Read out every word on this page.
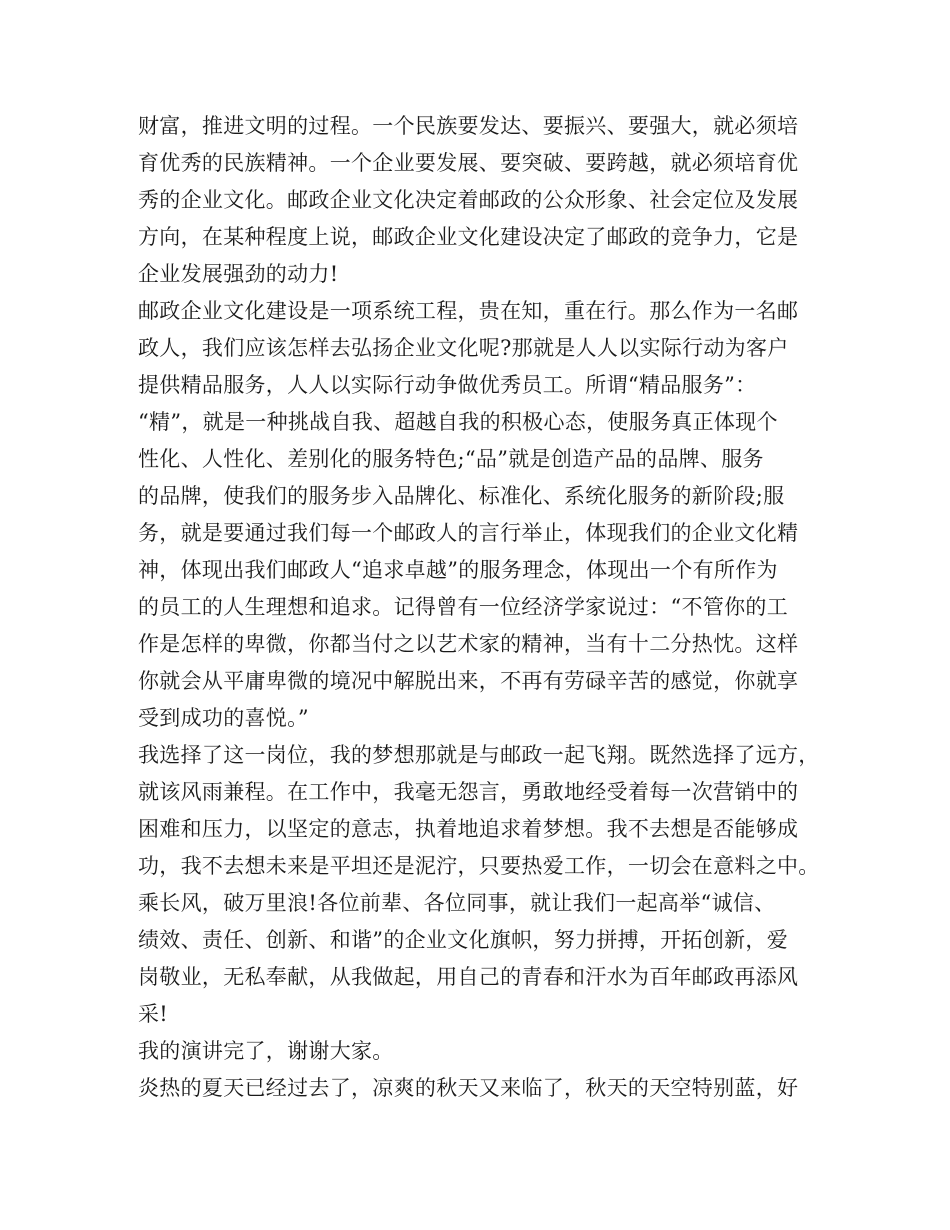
财富，推进文明的过程。一个民族要发达、要振兴、要强大，就必须培
育优秀的民族精神。一个企业要发展、要突破、要跨越，就必须培育优
秀的企业文化。邮政企业文化决定着邮政的公众形象、社会定位及发展
方向，在某种程度上说，邮政企业文化建设决定了邮政的竞争力，它是
企业发展强劲的动力!
邮政企业文化建设是一项系统工程，贵在知，重在行。那么作为一名邮
政人，我们应该怎样去弘扬企业文化呢?那就是人人以实际行动为客户
提供精品服务，人人以实际行动争做优秀员工。所谓“精品服务”：
“精”，就是一种挑战自我、超越自我的积极心态，使服务真正体现个
性化、人性化、差别化的服务特色;“品”就是创造产品的品牌、服务
的品牌，使我们的服务步入品牌化、标准化、系统化服务的新阶段;服
务，就是要通过我们每一个邮政人的言行举止，体现我们的企业文化精
神，体现出我们邮政人“追求卓越”的服务理念，体现出一个有所作为
的员工的人生理想和追求。记得曾有一位经济学家说过：“不管你的工
作是怎样的卑微，你都当付之以艺术家的精神，当有十二分热忱。这样
你就会从平庸卑微的境况中解脱出来，不再有劳碌辛苦的感觉，你就享
受到成功的喜悦。”
我选择了这一岗位，我的梦想那就是与邮政一起飞翔。既然选择了远方，
就该风雨兼程。在工作中，我毫无怨言，勇敢地经受着每一次营销中的
困难和压力，以坚定的意志，执着地追求着梦想。我不去想是否能够成
功，我不去想未来是平坦还是泥泞，只要热爱工作，一切会在意料之中。
乘长风，破万里浪!各位前辈、各位同事，就让我们一起高举“诚信、
绩效、责任、创新、和谐”的企业文化旗帜，努力拼搏，开拓创新，爱
岗敬业，无私奉献，从我做起，用自己的青春和汗水为百年邮政再添风
采!
我的演讲完了，谢谢大家。
炎热的夏天已经过去了，凉爽的秋天又来临了，秋天的天空特别蓝，好
